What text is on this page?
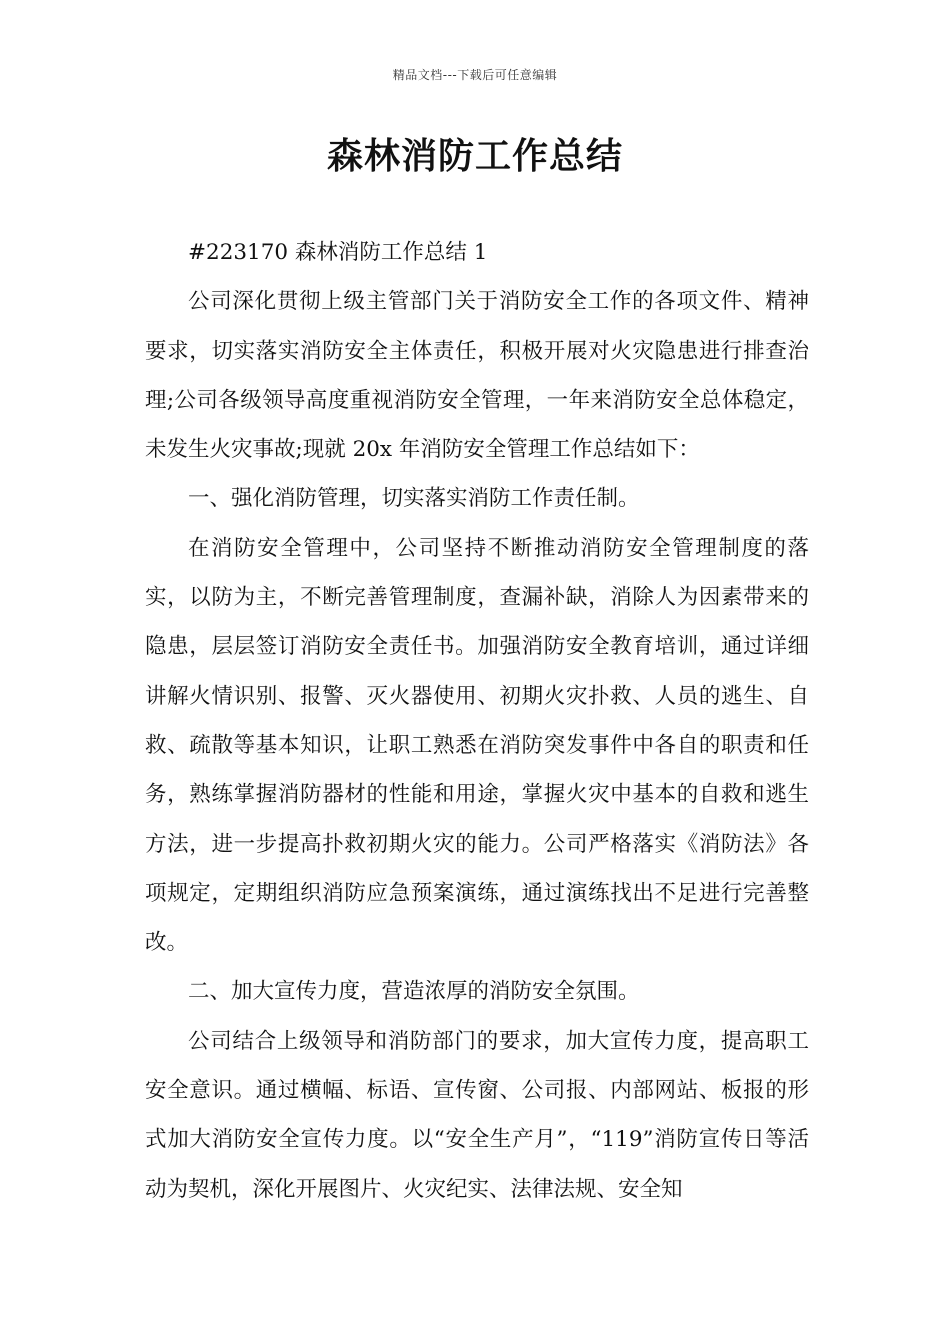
精品文档---下载后可任意编辑
森林消防工作总结

#223170 森林消防工作总结 1

公司深化贯彻上级主管部门关于消防安全工作的各项文件、精神要求，切实落实消防安全主体责任，积极开展对火灾隐患进行排查治理;公司各级领导高度重视消防安全管理，一年来消防安全总体稳定，未发生火灾事故;现就 20x 年消防安全管理工作总结如下：

一、强化消防管理，切实落实消防工作责任制。

在消防安全管理中，公司坚持不断推动消防安全管理制度的落实，以防为主，不断完善管理制度，查漏补缺，消除人为因素带来的隐患，层层签订消防安全责任书。加强消防安全教育培训，通过详细讲解火情识别、报警、灭火器使用、初期火灾扑救、人员的逃生、自救、疏散等基本知识，让职工熟悉在消防突发事件中各自的职责和任务，熟练掌握消防器材的性能和用途，掌握火灾中基本的自救和逃生方法，进一步提高扑救初期火灾的能力。公司严格落实《消防法》各项规定，定期组织消防应急预案演练，通过演练找出不足进行完善整改。

二、加大宣传力度，营造浓厚的消防安全氛围。

公司结合上级领导和消防部门的要求，加大宣传力度，提高职工安全意识。通过横幅、标语、宣传窗、公司报、内部网站、板报的形式加大消防安全宣传力度。以“安全生产月”，“119”消防宣传日等活动为契机，深化开展图片、火灾纪实、法律法规、安全知
